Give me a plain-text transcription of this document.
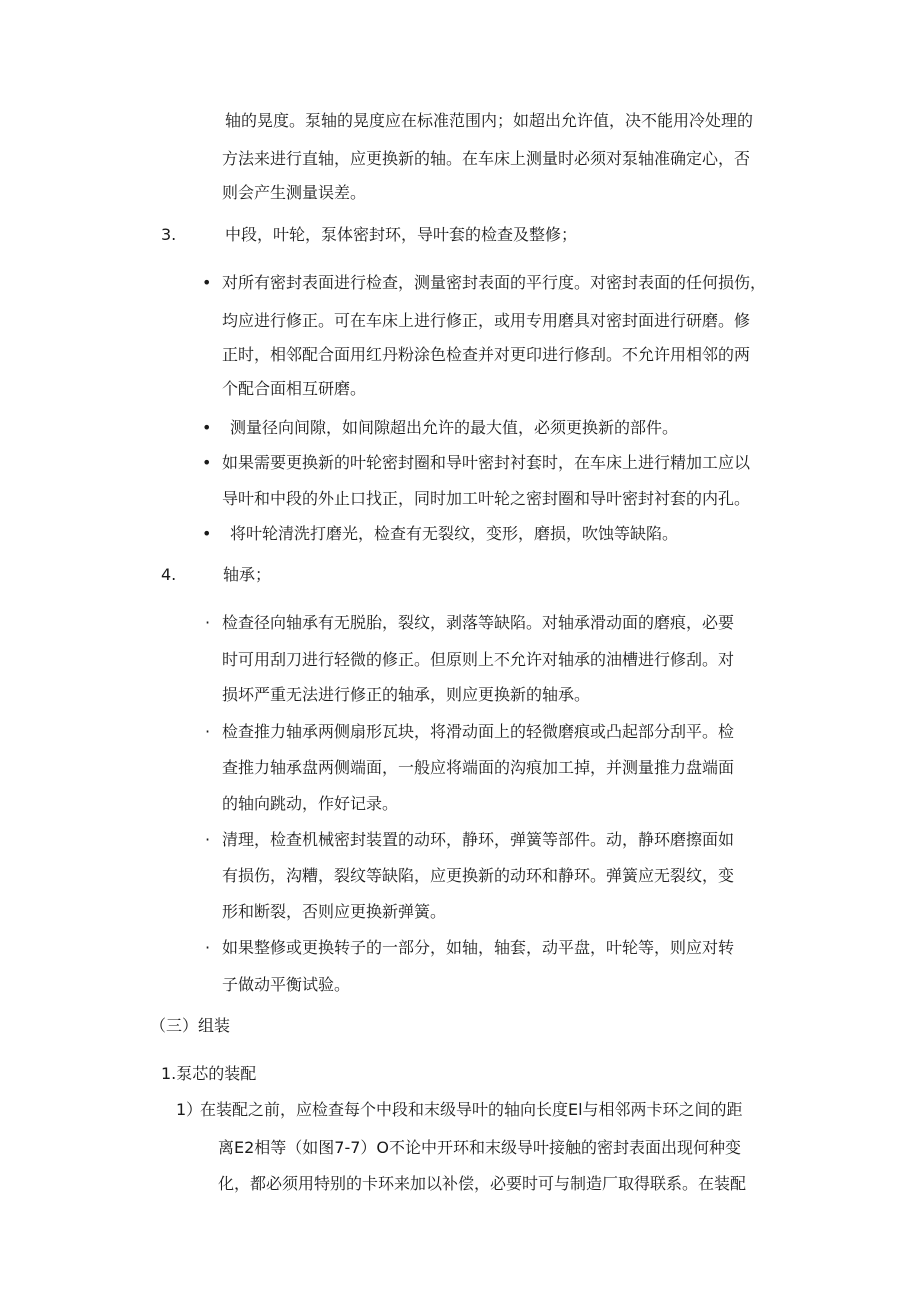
轴的晃度。泵轴的晃度应在标准范围内；如超出允许值，决不能用冷处理的
方法来进行直轴，应更换新的轴。在车床上测量时必须对泵轴准确定心，否
则会产生测量误差。
3.	中段，叶轮，泵体密封环，导叶套的检查及整修；
• 对所有密封表面进行检查，测量密封表面的平行度。对密封表面的任何损伤，
均应进行修正。可在车床上进行修正，或用专用磨具对密封面进行研磨。修
正时，相邻配合面用红丹粉涂色检查并对更印进行修刮。不允许用相邻的两
个配合面相互研磨。
• 测量径向间隙，如间隙超出允许的最大值，必须更换新的部件。
• 如果需要更换新的叶轮密封圈和导叶密封衬套时，在车床上进行精加工应以
导叶和中段的外止口找正，同时加工叶轮之密封圈和导叶密封衬套的内孔。
• 将叶轮清洗打磨光，检查有无裂纹，变形，磨损，吹蚀等缺陷。
4.	轴承；
· 检查径向轴承有无脱胎，裂纹，剥落等缺陷。对轴承滑动面的磨痕，必要
时可用刮刀进行轻微的修正。但原则上不允许对轴承的油槽进行修刮。对
损坏严重无法进行修正的轴承，则应更换新的轴承。
· 检查推力轴承两侧扇形瓦块，将滑动面上的轻微磨痕或凸起部分刮平。检
查推力轴承盘两侧端面，一般应将端面的沟痕加工掉，并测量推力盘端面
的轴向跳动，作好记录。
· 清理，检查机械密封装置的动环，静环，弹簧等部件。动，静环磨擦面如
有损伤，沟糟，裂纹等缺陷，应更换新的动环和静环。弹簧应无裂纹，变
形和断裂，否则应更换新弹簧。
· 如果整修或更换转子的一部分，如轴，轴套，动平盘，叶轮等，则应对转
子做动平衡试验。
（三）组装
1.泵芯的装配
1）
在装配之前，应检查每个中段和末级导叶的轴向长度El与相邻两卡环之间的距
离E2相等（如图7-7）O不论中开环和末级导叶接触的密封表面出现何种变
化，都必须用特别的卡环来加以补偿，必要时可与制造厂取得联系。在装配
